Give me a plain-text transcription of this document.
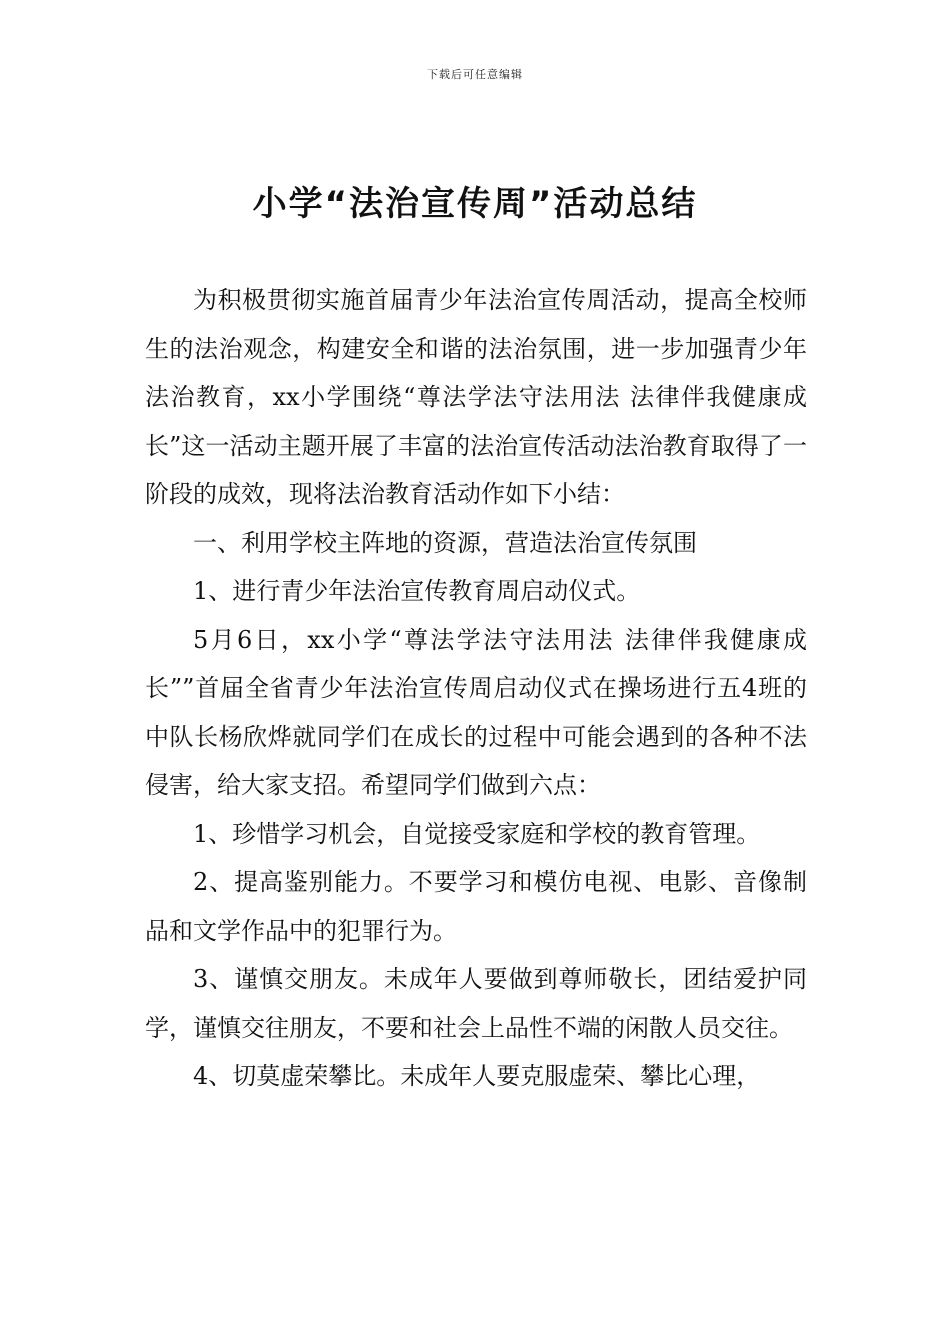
下载后可任意编辑
小学“法治宣传周”活动总结

为积极贯彻实施首届青少年法治宣传周活动，提高全校师生的法治观念，构建安全和谐的法治氛围，进一步加强青少年法治教育，xx小学围绕“尊法学法守法用法 法律伴我健康成长”这一活动主题开展了丰富的法治宣传活动法治教育取得了一阶段的成效，现将法治教育活动作如下小结：

一、利用学校主阵地的资源，营造法治宣传氛围

1、进行青少年法治宣传教育周启动仪式。

5月6日，xx小学“尊法学法守法用法 法律伴我健康成长””首届全省青少年法治宣传周启动仪式在操场进行五4班的中队长杨欣烨就同学们在成长的过程中可能会遇到的各种不法侵害，给大家支招。希望同学们做到六点：

1、珍惜学习机会，自觉接受家庭和学校的教育管理。

2、提高鉴别能力。不要学习和模仿电视、电影、音像制品和文学作品中的犯罪行为。

3、谨慎交朋友。未成年人要做到尊师敬长，团结爱护同学，谨慎交往朋友，不要和社会上品性不端的闲散人员交往。

4、切莫虚荣攀比。未成年人要克服虚荣、攀比心理，
